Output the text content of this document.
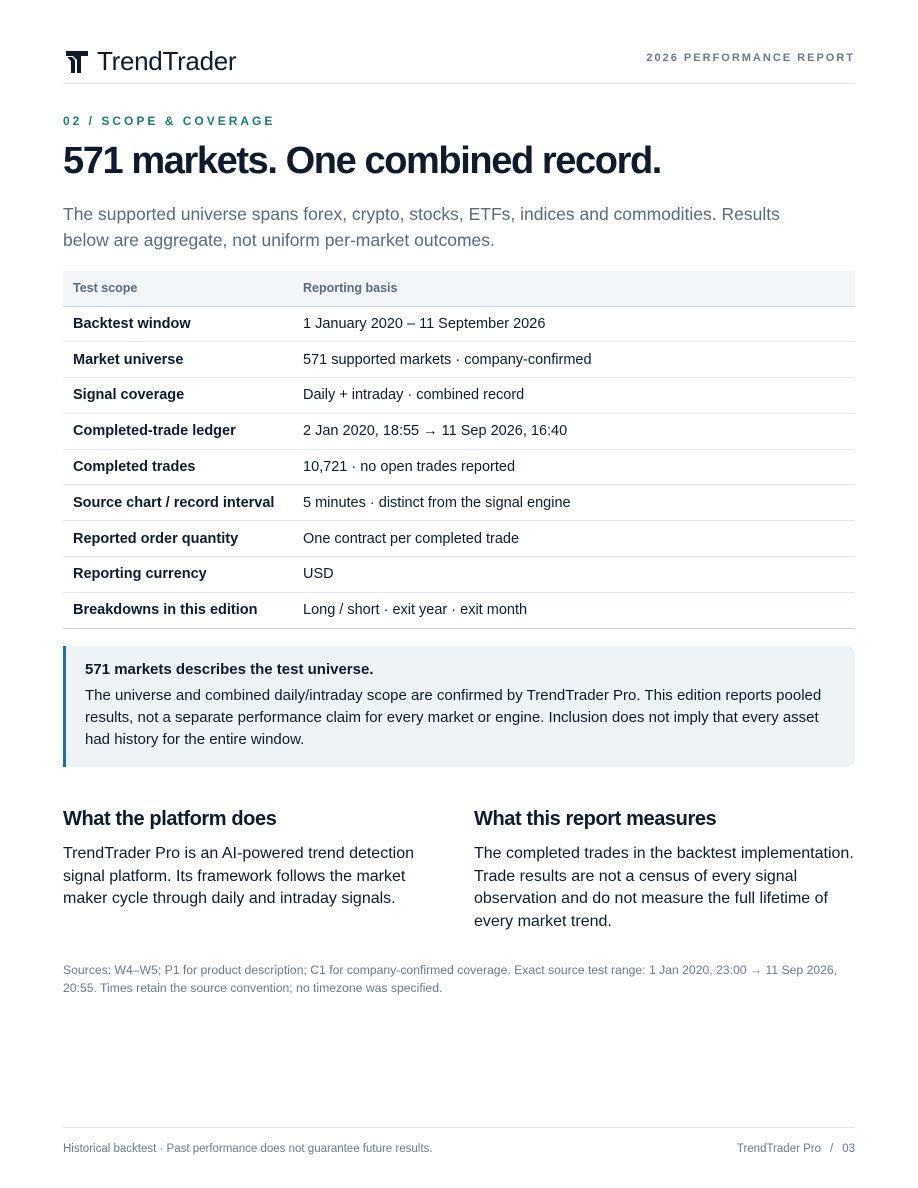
TrendTrader	2026 PERFORMANCE REPORT
02 / SCOPE & COVERAGE
571 markets. One combined record.

The supported universe spans forex, crypto, stocks, ETFs, indices and commodities. Results below are aggregate, not uniform per-market outcomes.

Test scope	Reporting basis
Backtest window	1 January 2020 – 11 September 2026
Market universe	571 supported markets · company-confirmed
Signal coverage	Daily + intraday · combined record
Completed-trade ledger	2 Jan 2020, 18:55 → 11 Sep 2026, 16:40
Completed trades	10,721 · no open trades reported
Source chart / record interval	5 minutes · distinct from the signal engine
Reported order quantity	One contract per completed trade
Reporting currency	USD
Breakdowns in this edition	Long / short · exit year · exit month
571 markets describes the test universe.
The universe and combined daily/intraday scope are confirmed by TrendTrader Pro. This edition reports pooled results, not a separate performance claim for every market or engine. Inclusion does not imply that every asset had history for the entire window.
What the platform does

TrendTrader Pro is an AI-powered trend detection signal platform. Its framework follows the market maker cycle through daily and intraday signals.

What this report measures

The completed trades in the backtest implementation. Trade results are not a census of every signal observation and do not measure the full lifetime of every market trend.

Sources: W4–W5; P1 for product description; C1 for company-confirmed coverage. Exact source test range: 1 Jan 2020, 23:00 → 11 Sep 2026, 20:55. Times retain the source convention; no timezone was specified.

Historical backtest · Past performance does not guarantee future results.	TrendTrader Pro / 03
